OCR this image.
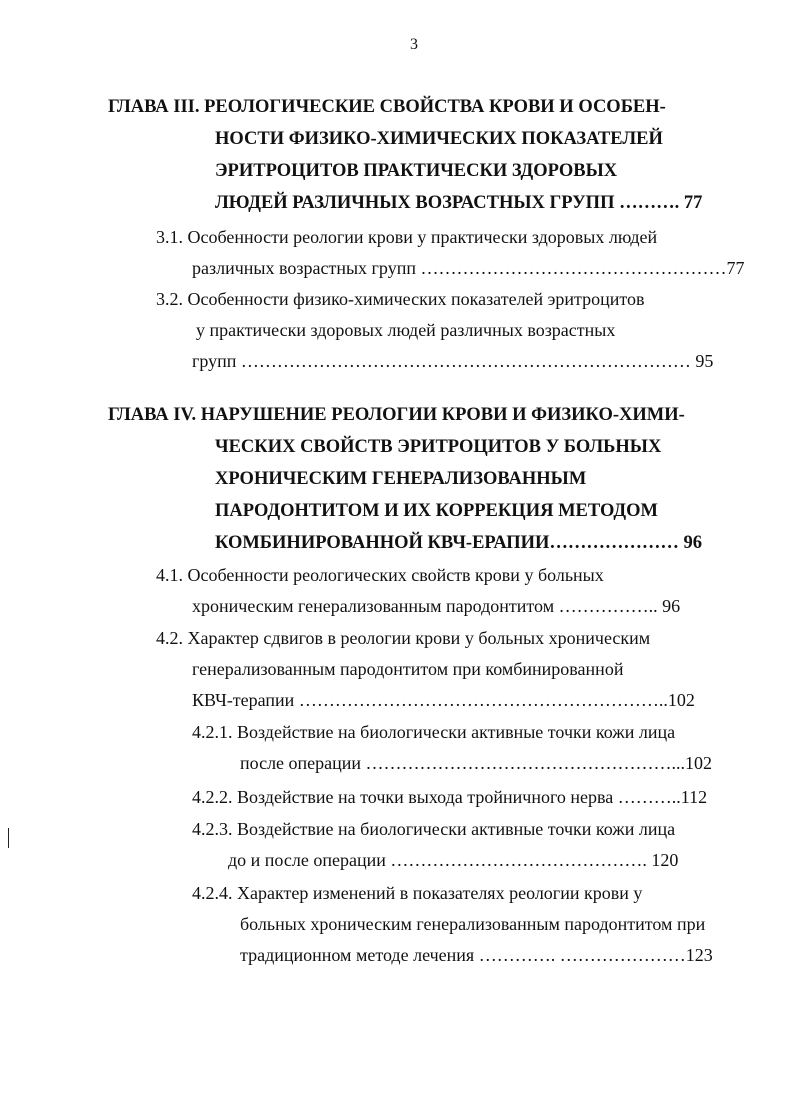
3
ГЛАВА III. РЕОЛОГИЧЕСКИЕ СВОЙСТВА КРОВИ И ОСОБЕН-
НОСТИ ФИЗИКО-ХИМИЧЕСКИХ ПОКАЗАТЕЛЕЙ
ЭРИТРОЦИТОВ ПРАКТИЧЕСКИ ЗДОРОВЫХ
ЛЮДЕЙ РАЗЛИЧНЫХ ВОЗРАСТНЫХ ГРУПП ………. 77
3.1. Особенности реологии крови у практически здоровых людей
различных возрастных групп ……………………………………………77
3.2. Особенности физико-химических показателей эритроцитов
у практически здоровых людей различных возрастных
групп ………………………………………………………………… 95
ГЛАВА IV. НАРУШЕНИЕ РЕОЛОГИИ КРОВИ И ФИЗИКО-ХИМИ-
ЧЕСКИХ СВОЙСТВ ЭРИТРОЦИТОВ У БОЛЬНЫХ
ХРОНИЧЕСКИМ ГЕНЕРАЛИЗОВАННЫМ
ПАРОДОНТИТОМ И ИХ КОРРЕКЦИЯ МЕТОДОМ
КОМБИНИРОВАННОЙ КВЧ-ЕРАПИИ………………… 96
4.1. Особенности реологических свойств крови у больных
хроническим генерализованным пародонтитом …………….. 96
4.2. Характер сдвигов в реологии крови у больных хроническим
генерализованным пародонтитом при комбинированной
КВЧ-терапии ……………………………………………………..102
4.2.1. Воздействие на биологически активные точки кожи лица
после операции ……………………………………………...102
4.2.2. Воздействие на точки выхода тройничного нерва ………..112
4.2.3. Воздействие на биологически активные точки кожи лица
до и после операции ……………………………………. 120
4.2.4. Характер изменений в показателях реологии крови у
больных хроническим генерализованным пародонтитом при
традиционном методе лечения …………. …………………123
